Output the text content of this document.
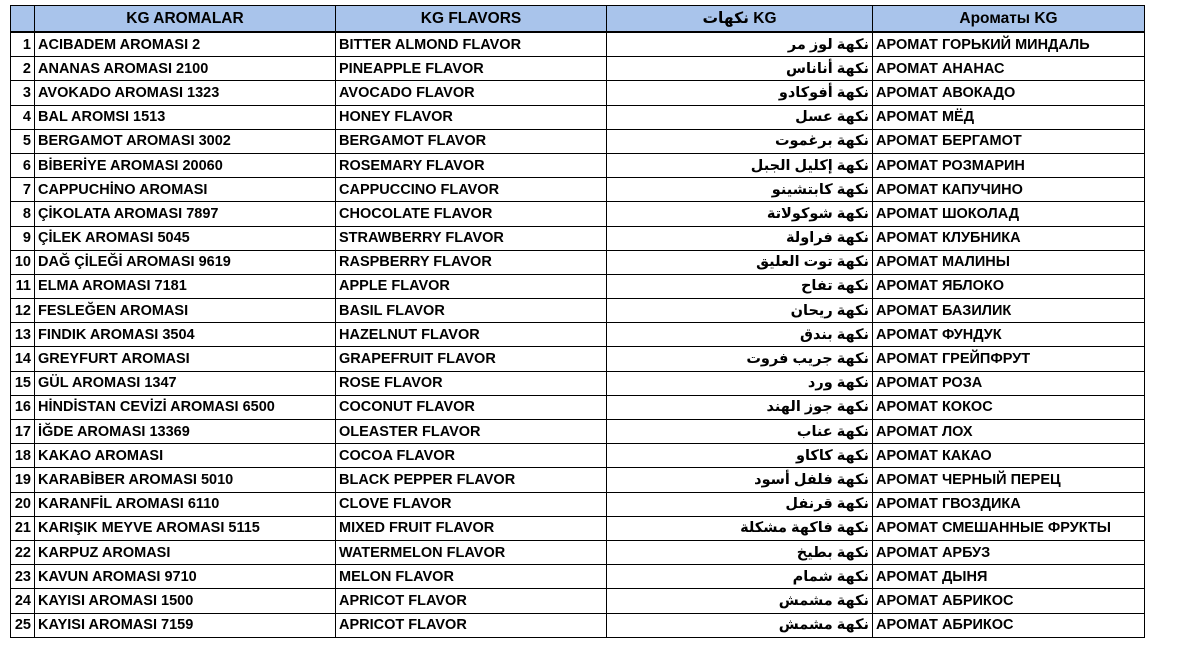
	KG AROMALAR	KG FLAVORS	نكهات KG	Ароматы KG
1	ACIBADEM AROMASI 2	BITTER ALMOND FLAVOR	نكهة لوز مر	АРОМАТ ГОРЬКИЙ МИНДАЛЬ
2	ANANAS AROMASI 2100	PINEAPPLE FLAVOR	نكهة أناناس	АРОМАТ АНАНАС
3	AVOKADO AROMASI 1323	AVOCADO FLAVOR	نكهة أفوكادو	АРОМАТ АВОКАДО
4	BAL AROMSI 1513	HONEY FLAVOR	نكهة عسل	АРОМАТ МЁД
5	BERGAMOT AROMASI 3002	BERGAMOT FLAVOR	نكهة برغموت	АРОМАТ БЕРГАМОТ
6	BİBERİYE AROMASI 20060	ROSEMARY FLAVOR	نكهة إكليل الجبل	АРОМАТ РОЗМАРИН
7	CAPPUCHİNO AROMASI	CAPPUCCINO FLAVOR	نكهة كابتشينو	АРОМАТ КАПУЧИНО
8	ÇİKOLATA AROMASI 7897	CHOCOLATE FLAVOR	نكهة شوكولاتة	АРОМАТ ШОКОЛАД
9	ÇİLEK AROMASI 5045	STRAWBERRY FLAVOR	نكهة فراولة	АРОМАТ КЛУБНИКА
10	DAĞ ÇİLEĞİ AROMASI 9619	RASPBERRY FLAVOR	نكهة توت العليق	АРОМАТ МАЛИНЫ
11	ELMA AROMASI 7181	APPLE FLAVOR	نكهة تفاح	АРОМАТ ЯБЛОКО
12	FESLEĞEN AROMASI	BASIL FLAVOR	نكهة ريحان	АРОМАТ БАЗИЛИК
13	FINDIK AROMASI 3504	HAZELNUT FLAVOR	نكهة بندق	АРОМАТ ФУНДУК
14	GREYFURT AROMASI	GRAPEFRUIT FLAVOR	نكهة جريب فروت	АРОМАТ ГРЕЙПФРУТ
15	GÜL AROMASI 1347	ROSE FLAVOR	نكهة ورد	АРОМАТ РОЗА
16	HİNDİSTAN CEVİZİ AROMASI 6500	COCONUT FLAVOR	نكهة جوز الهند	АРОМАТ КОКОС
17	İĞDE AROMASI 13369	OLEASTER FLAVOR	نكهة عناب	АРОМАТ ЛОХ
18	KAKAO AROMASI	COCOA FLAVOR	نكهة كاكاو	АРОМАТ КАКАО
19	KARABİBER AROMASI 5010	BLACK PEPPER FLAVOR	نكهة فلفل أسود	АРОМАТ ЧЕРНЫЙ ПЕРЕЦ
20	KARANFİL AROMASI 6110	CLOVE FLAVOR	نكهة قرنفل	АРОМАТ ГВОЗДИКА
21	KARIŞIK MEYVE AROMASI 5115	MIXED FRUIT FLAVOR	نكهة فاكهة مشكلة	АРОМАТ СМЕШАННЫЕ ФРУКТЫ
22	KARPUZ AROMASI	WATERMELON FLAVOR	نكهة بطيخ	АРОМАТ АРБУЗ
23	KAVUN AROMASI 9710	MELON FLAVOR	نكهة شمام	АРОМАТ ДЫНЯ
24	KAYISI AROMASI 1500	APRICOT FLAVOR	نكهة مشمش	АРОМАТ АБРИКОС
25	KAYISI AROMASI 7159	APRICOT FLAVOR	نكهة مشمش	АРОМАТ АБРИКОС
